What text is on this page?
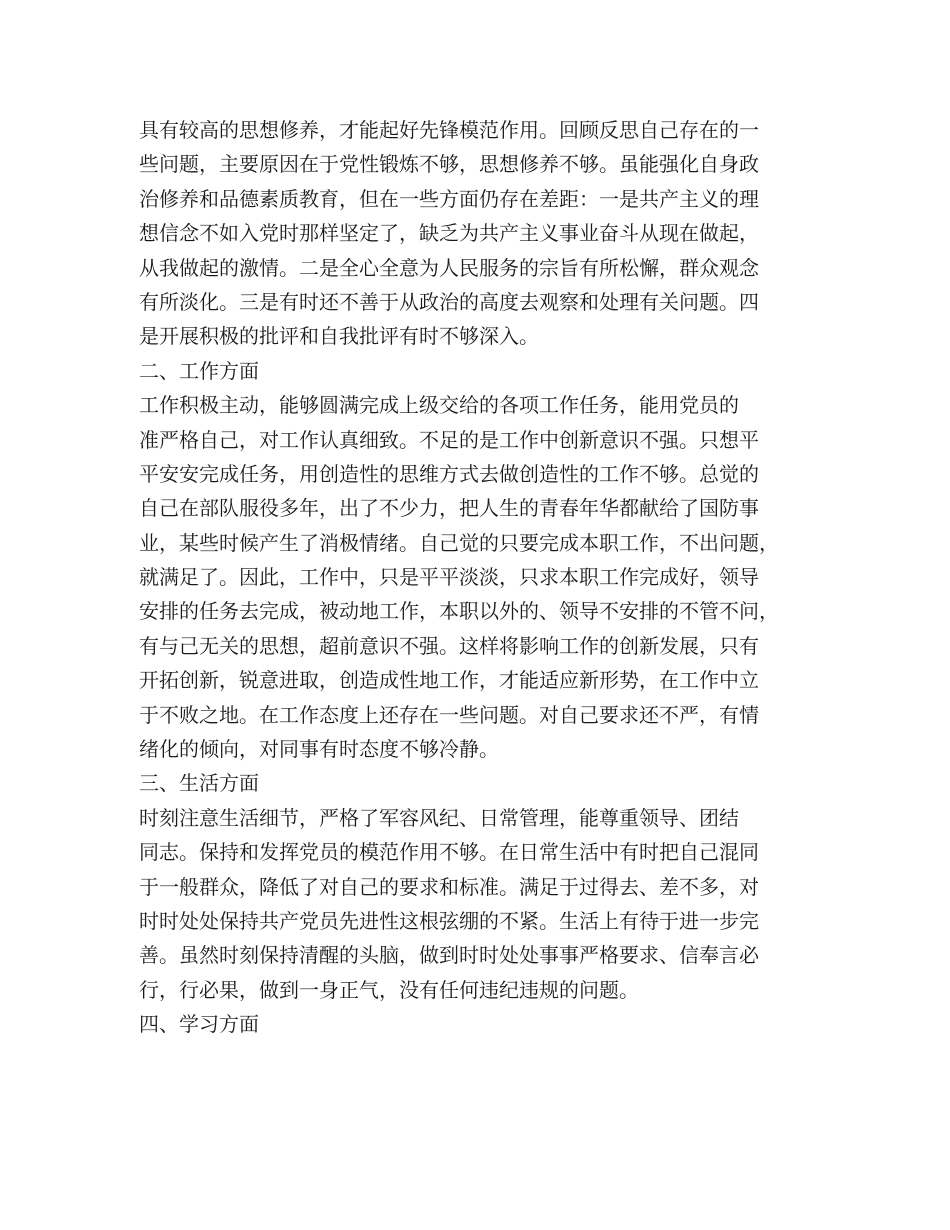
具有较高的思想修养，才能起好先锋模范作用。回顾反思自己存在的一
些问题，主要原因在于党性锻炼不够，思想修养不够。虽能强化自身政
治修养和品德素质教育，但在一些方面仍存在差距：一是共产主义的理
想信念不如入党时那样坚定了，缺乏为共产主义事业奋斗从现在做起，
从我做起的激情。二是全心全意为人民服务的宗旨有所松懈，群众观念
有所淡化。三是有时还不善于从政治的高度去观察和处理有关问题。四
是开展积极的批评和自我批评有时不够深入。
二、工作方面
工作积极主动，能够圆满完成上级交给的各项工作任务，能用党员的
准严格自己，对工作认真细致。不足的是工作中创新意识不强。只想平
平安安完成任务，用创造性的思维方式去做创造性的工作不够。总觉的
自己在部队服役多年，出了不少力，把人生的青春年华都献给了国防事
业，某些时候产生了消极情绪。自己觉的只要完成本职工作，不出问题，
就满足了。因此，工作中，只是平平淡淡，只求本职工作完成好，领导
安排的任务去完成，被动地工作，本职以外的、领导不安排的不管不问，
有与己无关的思想，超前意识不强。这样将影响工作的创新发展，只有
开拓创新，锐意进取，创造成性地工作，才能适应新形势，在工作中立
于不败之地。在工作态度上还存在一些问题。对自己要求还不严，有情
绪化的倾向，对同事有时态度不够冷静。
三、生活方面
时刻注意生活细节，严格了军容风纪、日常管理，能尊重领导、团结
同志。保持和发挥党员的模范作用不够。在日常生活中有时把自己混同
于一般群众，降低了对自己的要求和标准。满足于过得去、差不多，对
时时处处保持共产党员先进性这根弦绷的不紧。生活上有待于进一步完
善。虽然时刻保持清醒的头脑，做到时时处处事事严格要求、信奉言必
行，行必果，做到一身正气，没有任何违纪违规的问题。
四、学习方面
